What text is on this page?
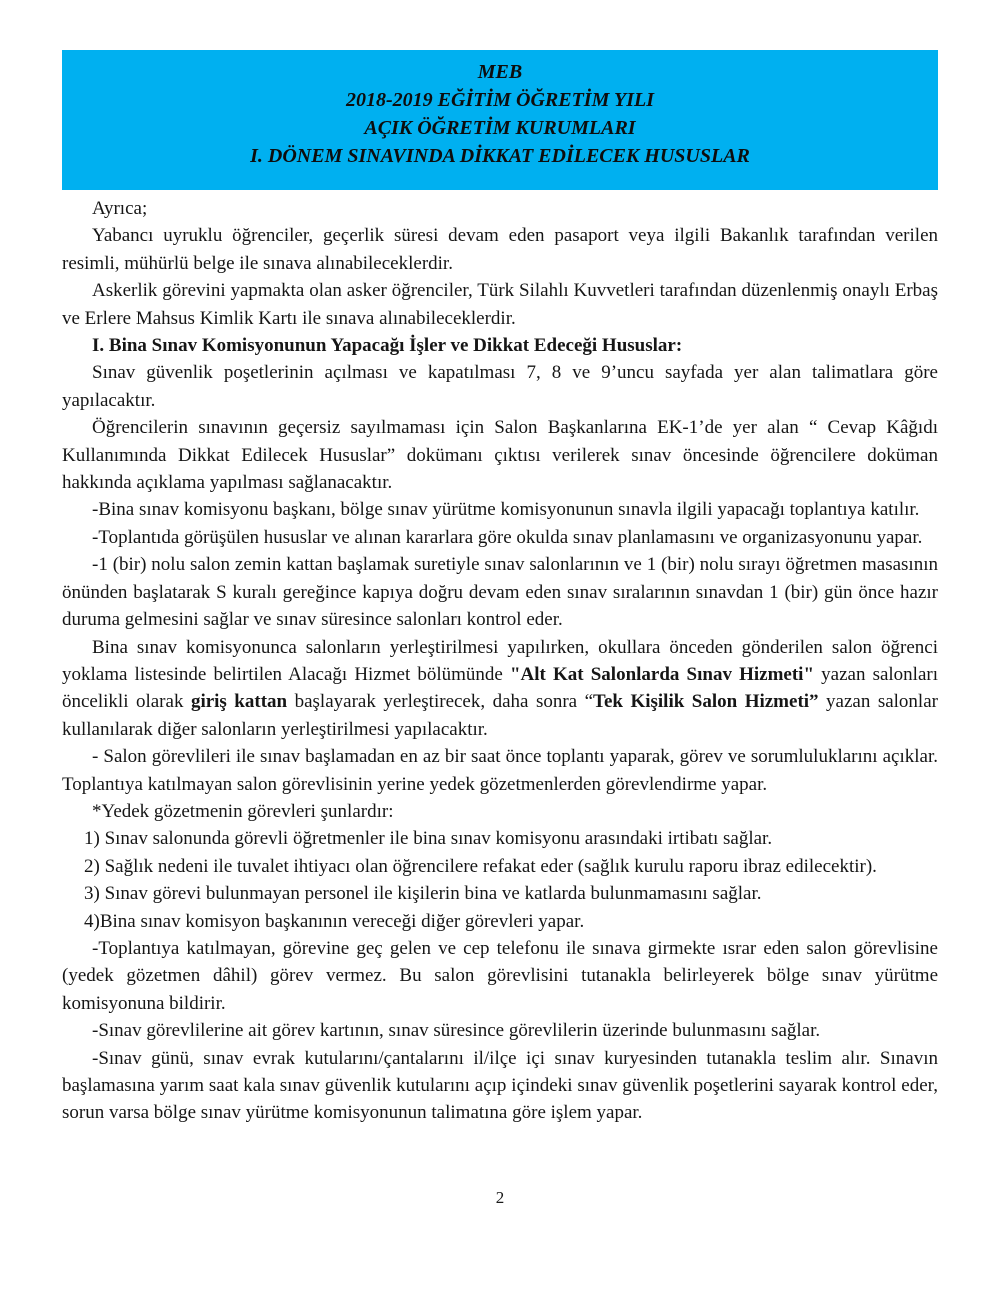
MEB
2018-2019 EĞİTİM ÖĞRETİM YILI
AÇIK ÖĞRETİM KURUMLARI
I. DÖNEM SINAVINDA DİKKAT EDİLECEK HUSUSLAR

Ayrıca;

Yabancı uyruklu öğrenciler, geçerlik süresi devam eden pasaport veya ilgili Bakanlık tarafından verilen resimli, mühürlü belge ile sınava alınabileceklerdir.

Askerlik görevini yapmakta olan asker öğrenciler, Türk Silahlı Kuvvetleri tarafından düzenlenmiş onaylı Erbaş ve Erlere Mahsus Kimlik Kartı ile sınava alınabileceklerdir.

I. Bina Sınav Komisyonunun Yapacağı İşler ve Dikkat Edeceği Hususlar:

Sınav güvenlik poşetlerinin açılması ve kapatılması 7, 8 ve 9’uncu sayfada yer alan talimatlara göre yapılacaktır.

Öğrencilerin sınavının geçersiz sayılmaması için Salon Başkanlarına EK-1’de yer alan “ Cevap Kâğıdı Kullanımında Dikkat Edilecek Hususlar” dokümanı çıktısı verilerek sınav öncesinde öğrencilere doküman hakkında açıklama yapılması sağlanacaktır.

-Bina sınav komisyonu başkanı, bölge sınav yürütme komisyonunun sınavla ilgili yapacağı toplantıya katılır.

-Toplantıda görüşülen hususlar ve alınan kararlara göre okulda sınav planlamasını ve organizasyonunu yapar.

-1 (bir) nolu salon zemin kattan başlamak suretiyle sınav salonlarının ve 1 (bir) nolu sırayı öğretmen masasının önünden başlatarak S kuralı gereğince kapıya doğru devam eden sınav sıralarının sınavdan 1 (bir) gün önce hazır duruma gelmesini sağlar ve sınav süresince salonları kontrol eder.

Bina sınav komisyonunca salonların yerleştirilmesi yapılırken, okullara önceden gönderilen salon öğrenci yoklama listesinde belirtilen Alacağı Hizmet bölümünde "Alt Kat Salonlarda Sınav Hizmeti" yazan salonları öncelikli olarak giriş kattan başlayarak yerleştirecek, daha sonra “Tek Kişilik Salon Hizmeti” yazan salonlar kullanılarak diğer salonların yerleştirilmesi yapılacaktır.

- Salon görevlileri ile sınav başlamadan en az bir saat önce toplantı yaparak, görev ve sorumluluklarını açıklar. Toplantıya katılmayan salon görevlisinin yerine yedek gözetmenlerden görevlendirme yapar.

*Yedek gözetmenin görevleri şunlardır:

1) Sınav salonunda görevli öğretmenler ile bina sınav komisyonu arasındaki irtibatı sağlar.

2) Sağlık nedeni ile tuvalet ihtiyacı olan öğrencilere refakat eder (sağlık kurulu raporu ibraz edilecektir).

3) Sınav görevi bulunmayan personel ile kişilerin bina ve katlarda bulunmamasını sağlar.

4)Bina sınav komisyon başkanının vereceği diğer görevleri yapar.

-Toplantıya katılmayan, görevine geç gelen ve cep telefonu ile sınava girmekte ısrar eden salon görevlisine (yedek gözetmen dâhil) görev vermez. Bu salon görevlisini tutanakla belirleyerek bölge sınav yürütme komisyonuna bildirir.

-Sınav görevlilerine ait görev kartının, sınav süresince görevlilerin üzerinde bulunmasını sağlar.

-Sınav günü, sınav evrak kutularını/çantalarını il/ilçe içi sınav kuryesinden tutanakla teslim alır. Sınavın başlamasına yarım saat kala sınav güvenlik kutularını açıp içindeki sınav güvenlik poşetlerini sayarak kontrol eder, sorun varsa bölge sınav yürütme komisyonunun talimatına göre işlem yapar.

2
